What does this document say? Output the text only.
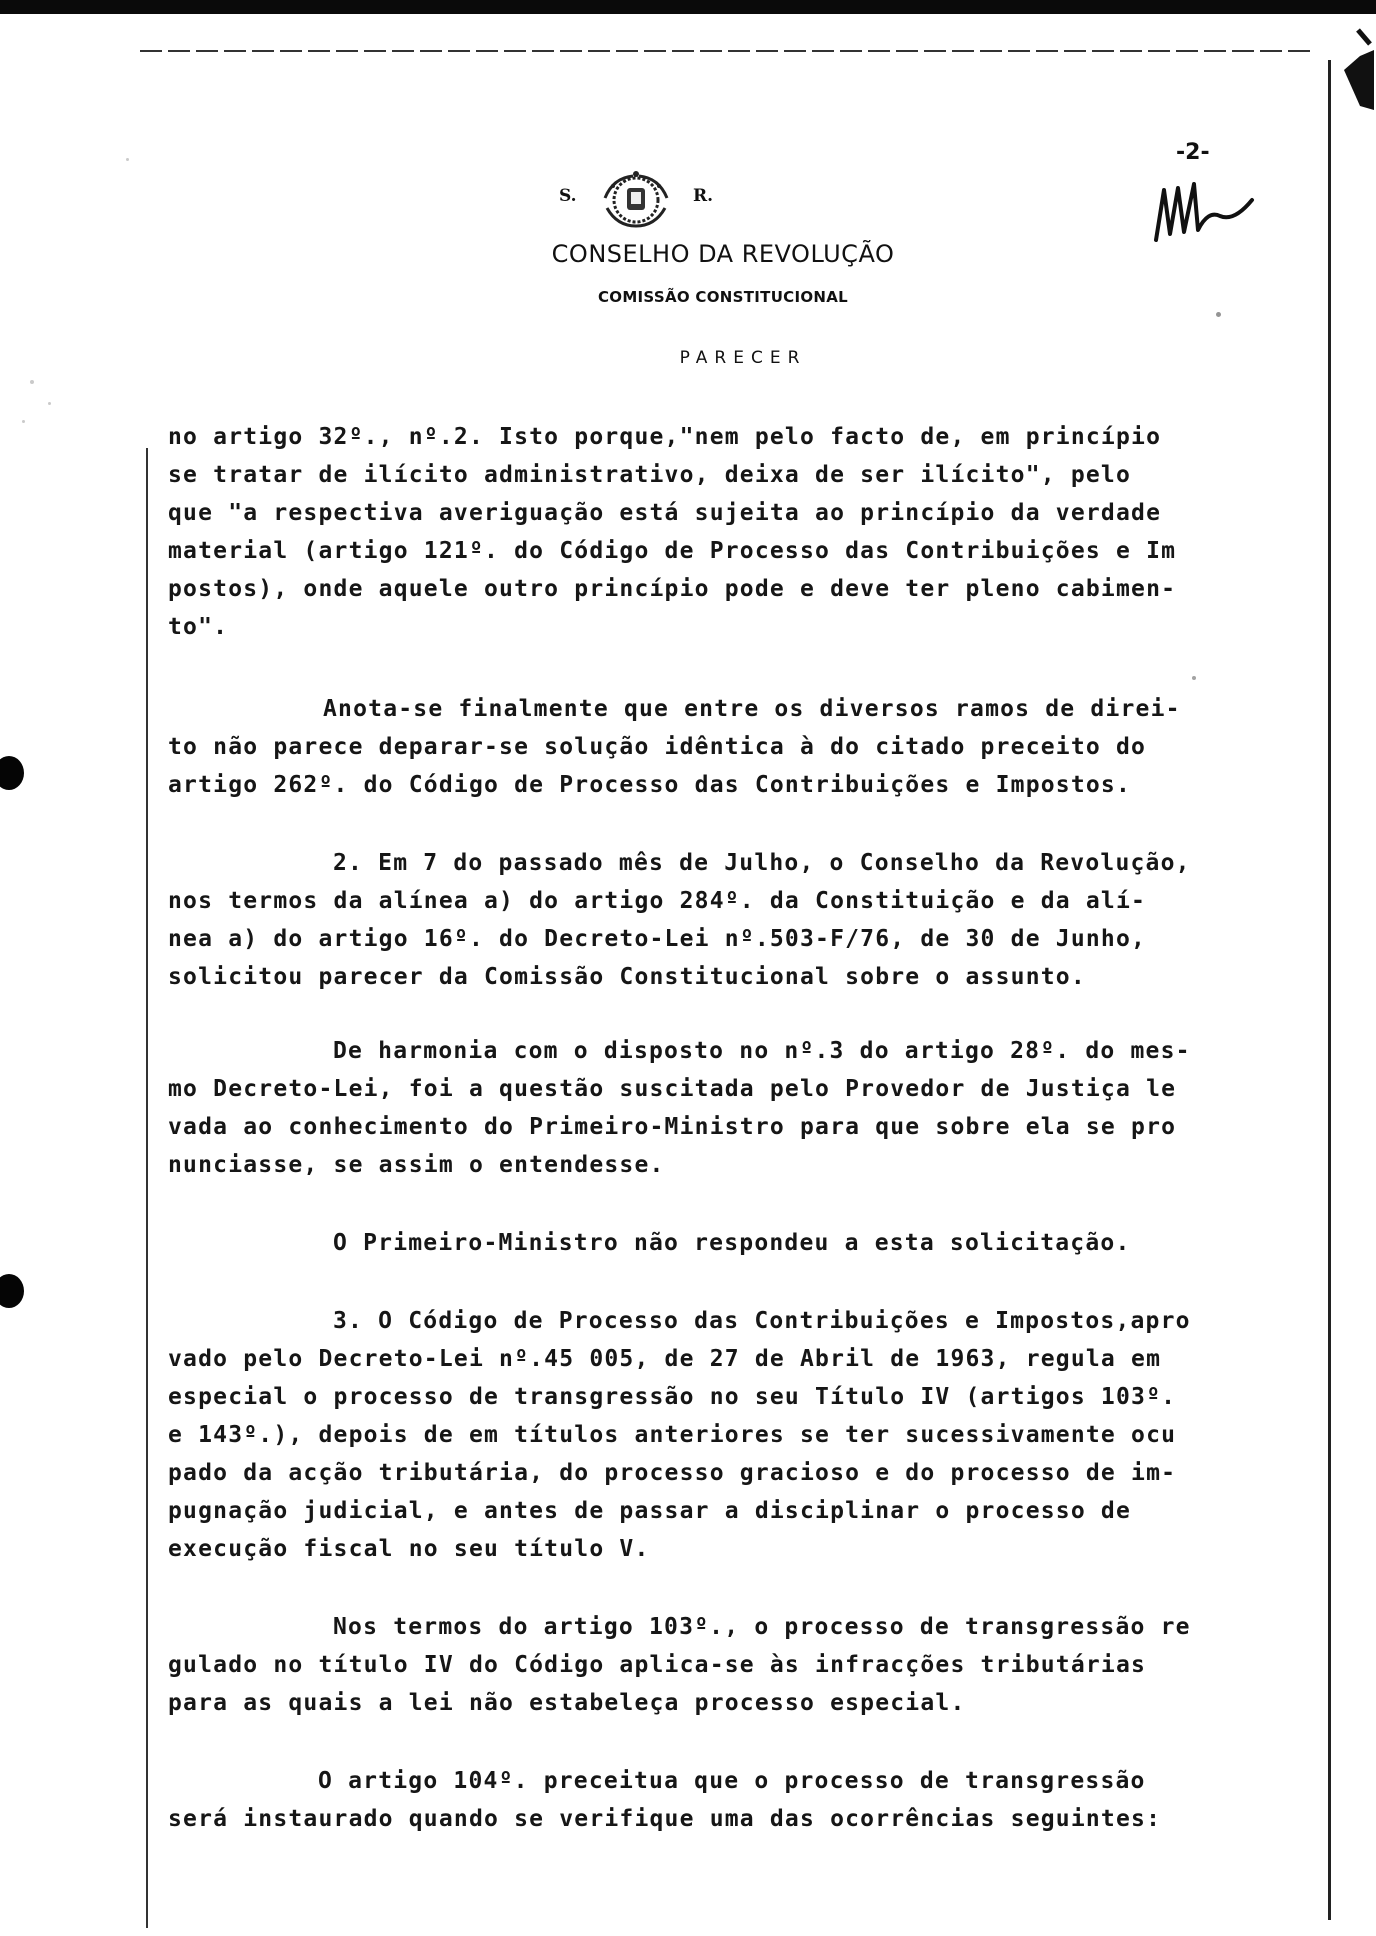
S.	R.
CONSELHO DA REVOLUÇÃO
COMISSÃO CONSTITUCIONAL
PARECER
-2-
no artigo 32º., nº.2. Isto porque,"nem pelo facto de, em princípio
se tratar de ilícito administrativo, deixa de ser ilícito", pelo
que "a respectiva averiguação está sujeita ao princípio da verdade
material (artigo 121º. do Código de Processo das Contribuições e Im
postos), onde aquele outro princípio pode e deve ter pleno cabimen-
to".
Anota-se finalmente que entre os diversos ramos de direi-
to não parece deparar-se solução idêntica à do citado preceito do
artigo 262º. do Código de Processo das Contribuições e Impostos.
2. Em 7 do passado mês de Julho, o Conselho da Revolução,
nos termos da alínea a) do artigo 284º. da Constituição e da alí-
nea a) do artigo 16º. do Decreto-Lei nº.503-F/76, de 30 de Junho,
solicitou parecer da Comissão Constitucional sobre o assunto.
De harmonia com o disposto no nº.3 do artigo 28º. do mes-
mo Decreto-Lei, foi a questão suscitada pelo Provedor de Justiça le
vada ao conhecimento do Primeiro-Ministro para que sobre ela se pro
nunciasse, se assim o entendesse.
O Primeiro-Ministro não respondeu a esta solicitação.
3. O Código de Processo das Contribuições e Impostos,apro
vado pelo Decreto-Lei nº.45 005, de 27 de Abril de 1963, regula em
especial o processo de transgressão no seu Título IV (artigos 103º.
e 143º.), depois de em títulos anteriores se ter sucessivamente ocu
pado da acção tributária, do processo gracioso e do processo de im-
pugnação judicial, e antes de passar a disciplinar o processo de
execução fiscal no seu título V.
Nos termos do artigo 103º., o processo de transgressão re
gulado no título IV do Código aplica-se às infracções tributárias
para as quais a lei não estabeleça processo especial.
O artigo 104º. preceitua que o processo de transgressão
será instaurado quando se verifique uma das ocorrências seguintes:
